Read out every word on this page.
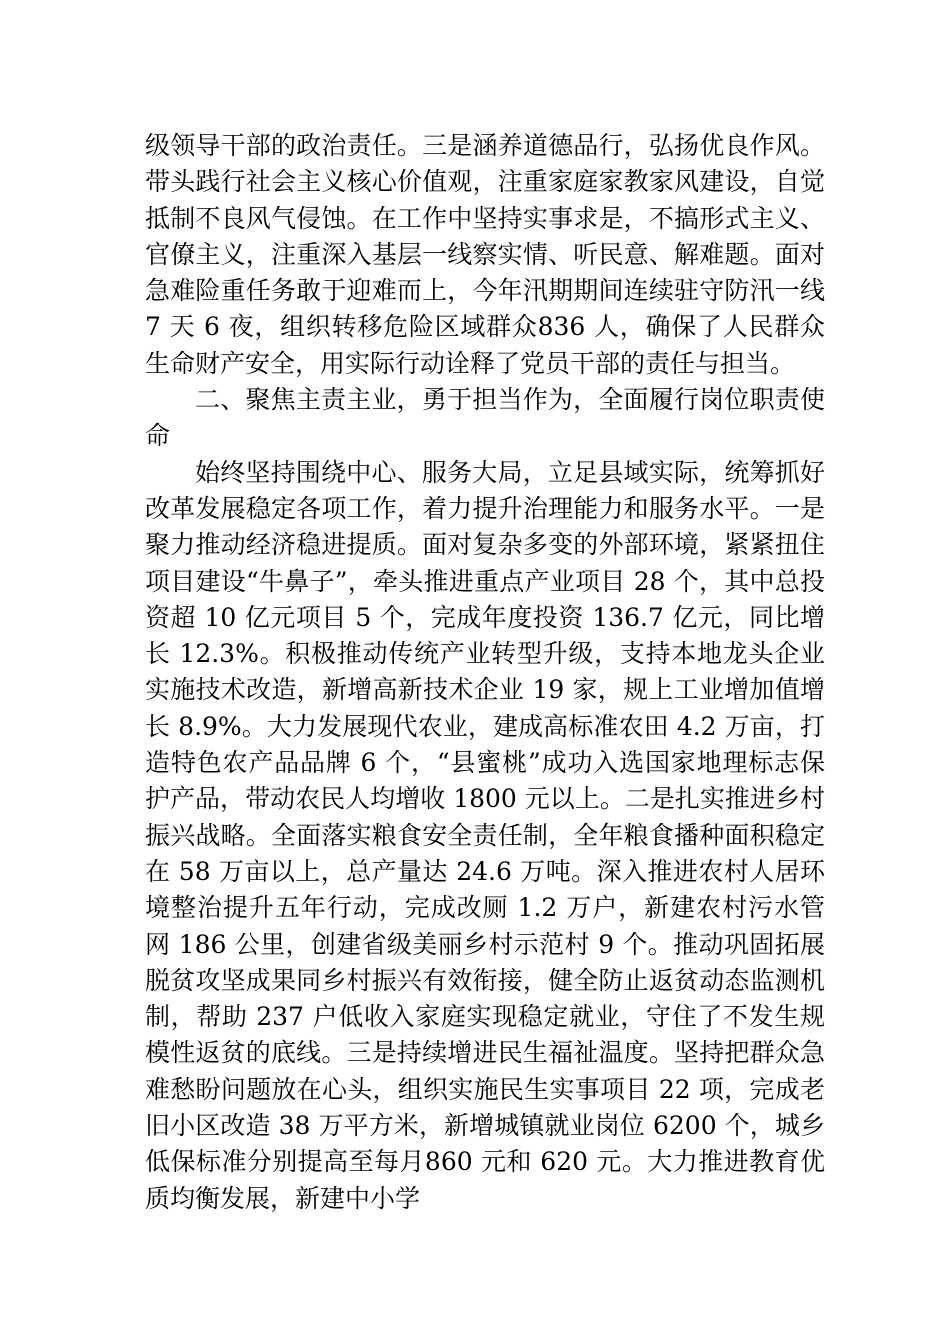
级领导干部的政治责任。三是涵养道德品行，弘扬优良作风。带头践行社会主义核心价值观，注重家庭家教家风建设，自觉抵制不良风气侵蚀。在工作中坚持实事求是，不搞形式主义、官僚主义，注重深入基层一线察实情、听民意、解难题。面对急难险重任务敢于迎难而上，今年汛期期间连续驻守防汛一线 7 天 6 夜，组织转移危险区域群众836 人，确保了人民群众生命财产安全，用实际行动诠释了党员干部的责任与担当。

二、聚焦主责主业，勇于担当作为，全面履行岗位职责使命

始终坚持围绕中心、服务大局，立足县域实际，统筹抓好改革发展稳定各项工作，着力提升治理能力和服务水平。一是聚力推动经济稳进提质。面对复杂多变的外部环境，紧紧扭住项目建设“牛鼻子”，牵头推进重点产业项目 28 个，其中总投资超 10 亿元项目 5 个，完成年度投资 136.7 亿元，同比增长 12.3%。积极推动传统产业转型升级，支持本地龙头企业实施技术改造，新增高新技术企业 19 家，规上工业增加值增长 8.9%。大力发展现代农业，建成高标准农田 4.2 万亩，打造特色农产品品牌 6 个，“县蜜桃”成功入选国家地理标志保护产品，带动农民人均增收 1800 元以上。二是扎实推进乡村振兴战略。全面落实粮食安全责任制，全年粮食播种面积稳定在 58 万亩以上，总产量达 24.6 万吨。深入推进农村人居环境整治提升五年行动，完成改厕 1.2 万户，新建农村污水管网 186 公里，创建省级美丽乡村示范村 9 个。推动巩固拓展脱贫攻坚成果同乡村振兴有效衔接，健全防止返贫动态监测机制，帮助 237 户低收入家庭实现稳定就业，守住了不发生规模性返贫的底线。三是持续增进民生福祉温度。坚持把群众急难愁盼问题放在心头，组织实施民生实事项目 22 项，完成老旧小区改造 38 万平方米，新增城镇就业岗位 6200 个，城乡低保标准分别提高至每月860 元和 620 元。大力推进教育优质均衡发展，新建中小学
